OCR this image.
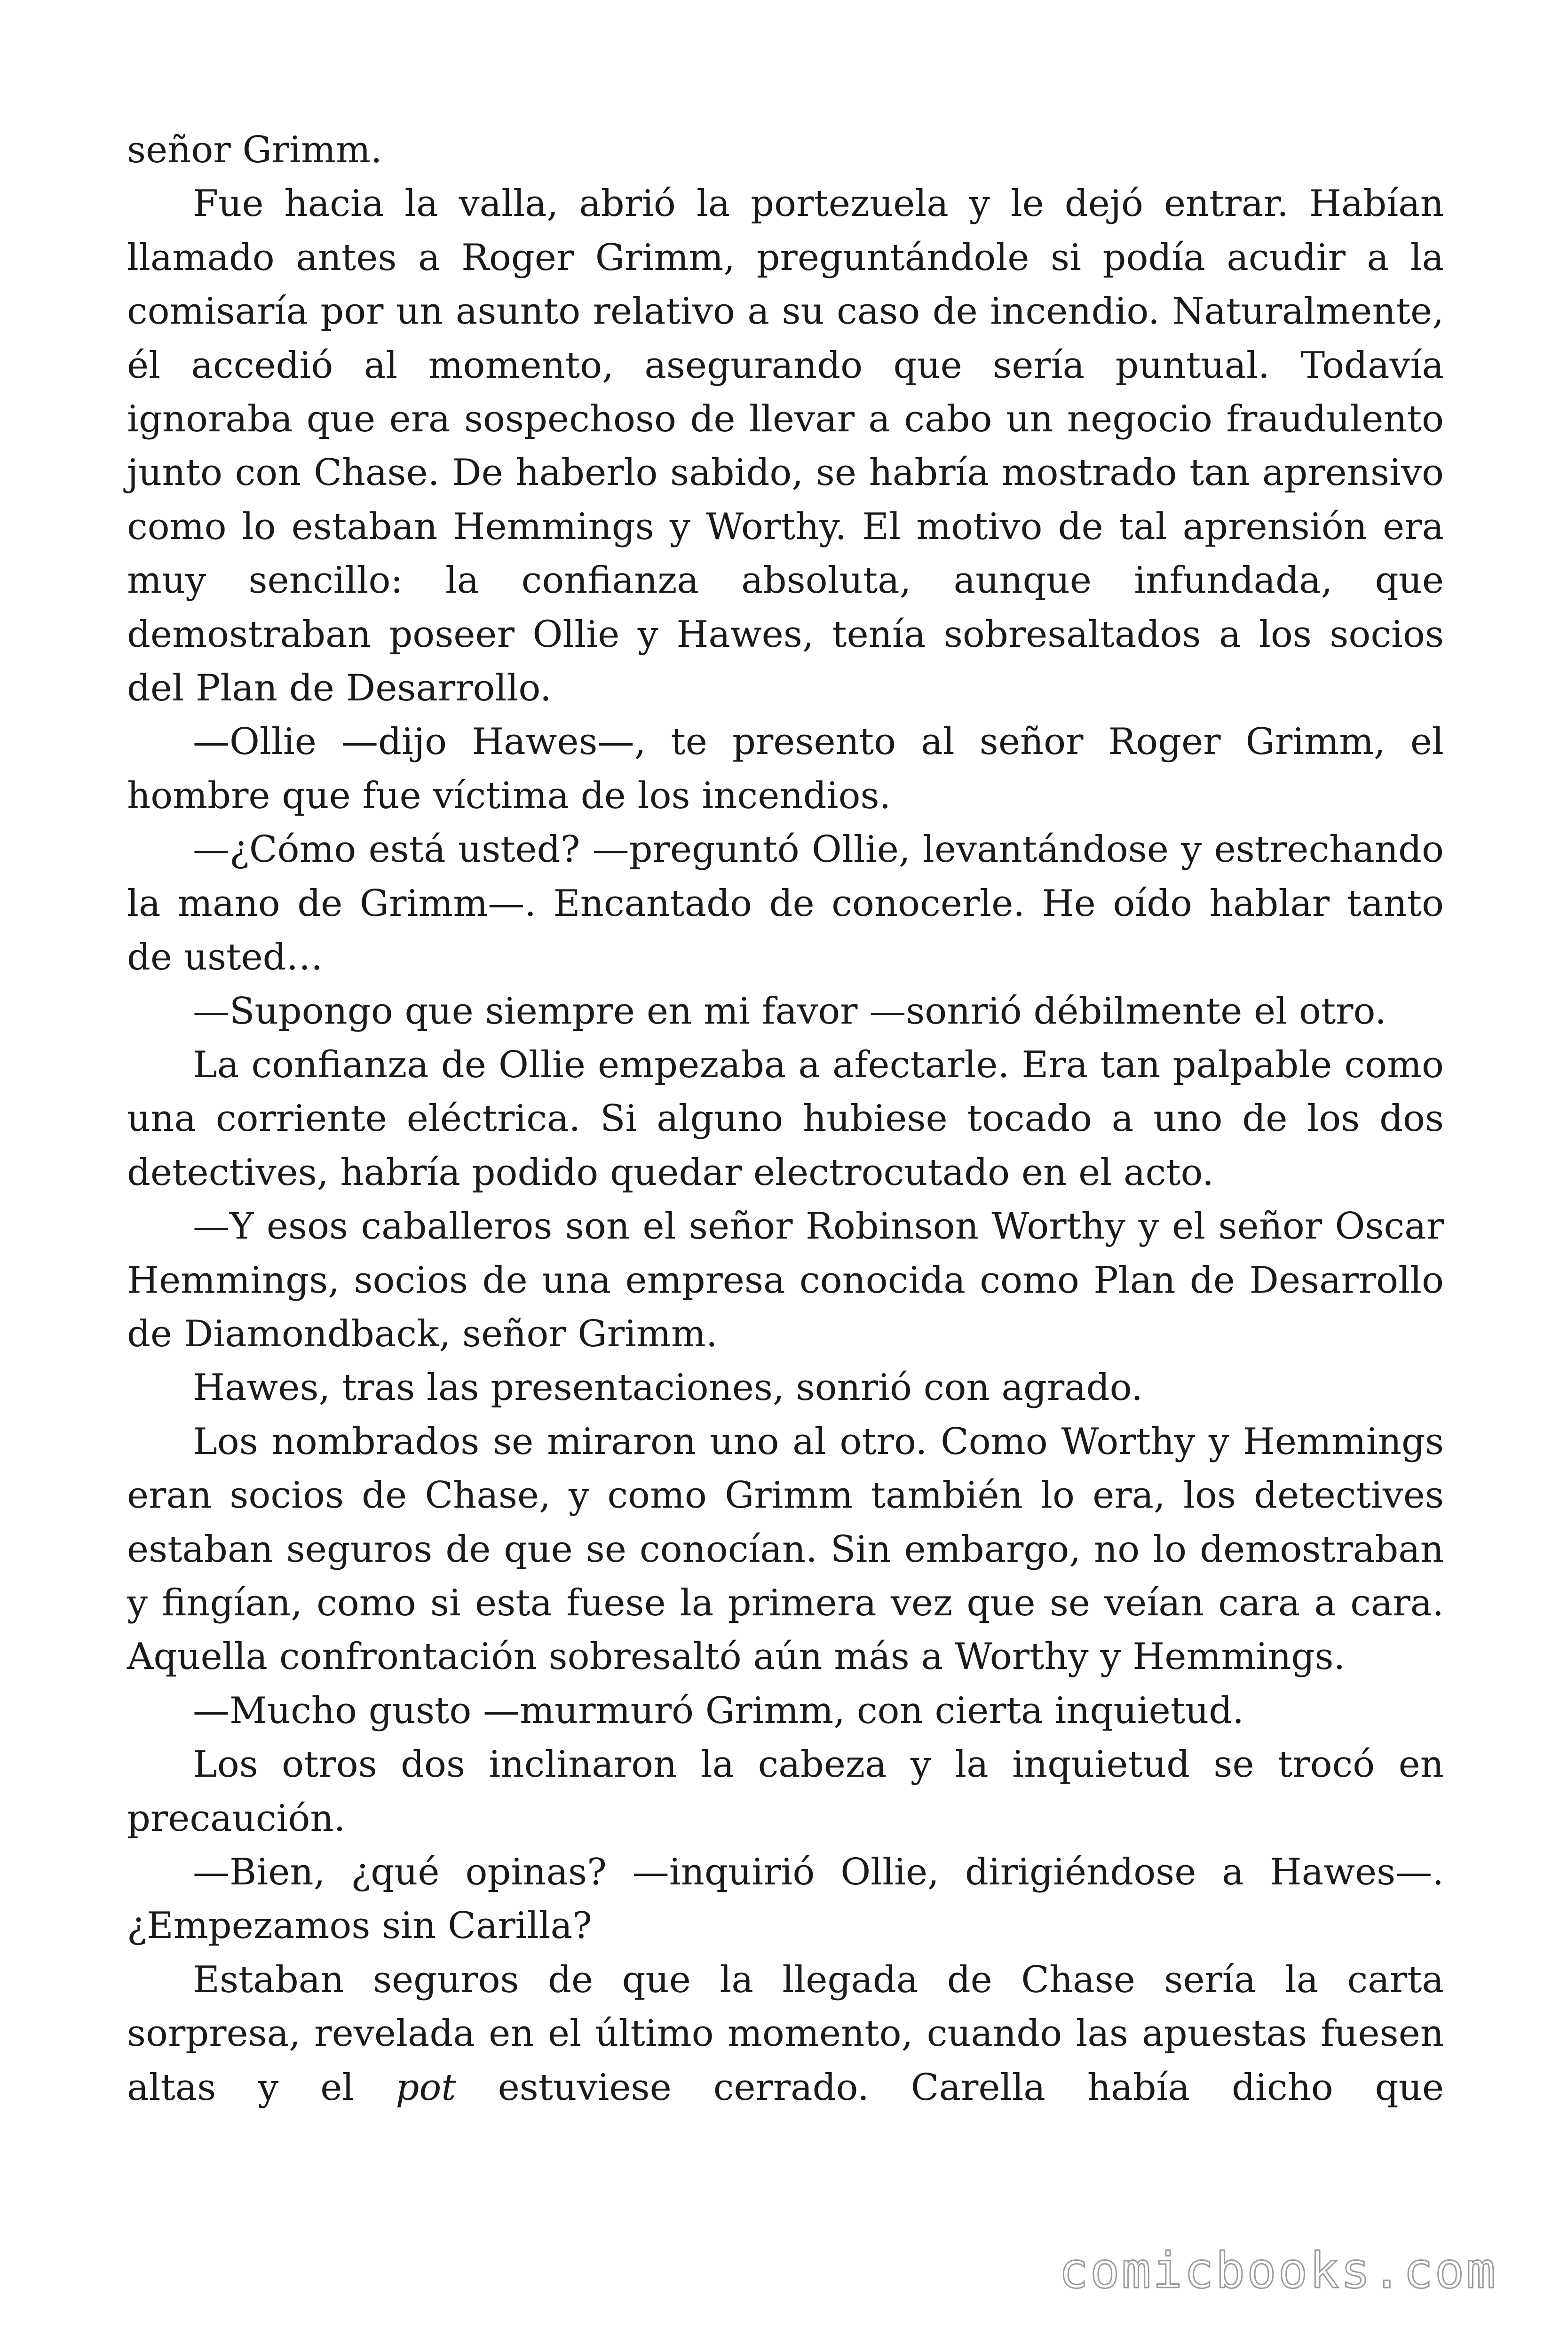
señor Grimm.

Fue hacia la valla, abrió la portezuela y le dejó entrar. Habían llamado antes a Roger Grimm, preguntándole si podía acudir a la comisaría por un asunto relativo a su caso de incendio. Naturalmente, él accedió al momento, asegurando que sería puntual. Todavía ignoraba que era sospechoso de llevar a cabo un negocio fraudulento junto con Chase. De haberlo sabido, se habría mostrado tan aprensivo como lo estaban Hemmings y Worthy. El motivo de tal aprensión era muy sencillo: la confianza absoluta, aunque infundada, que demostraban poseer Ollie y Hawes, tenía sobresaltados a los socios del Plan de Desarrollo.

—Ollie —dijo Hawes—, te presento al señor Roger Grimm, el hombre que fue víctima de los incendios.

—¿Cómo está usted? —preguntó Ollie, levantándose y estrechando la mano de Grimm—. Encantado de conocerle. He oído hablar tanto de usted…

—Supongo que siempre en mi favor —sonrió débilmente el otro.

La confianza de Ollie empezaba a afectarle. Era tan palpable como una corriente eléctrica. Si alguno hubiese tocado a uno de los dos detectives, habría podido quedar electrocutado en el acto.

—Y esos caballeros son el señor Robinson Worthy y el señor Oscar Hemmings, socios de una empresa conocida como Plan de Desarrollo de Diamondback, señor Grimm.

Hawes, tras las presentaciones, sonrió con agrado.

Los nombrados se miraron uno al otro. Como Worthy y Hemmings eran socios de Chase, y como Grimm también lo era, los detectives estaban seguros de que se conocían. Sin embargo, no lo demostraban y fingían, como si esta fuese la primera vez que se veían cara a cara. Aquella confrontación sobresaltó aún más a Worthy y Hemmings.

—Mucho gusto —murmuró Grimm, con cierta inquietud.

Los otros dos inclinaron la cabeza y la inquietud se trocó en precaución.

—Bien, ¿qué opinas? —inquirió Ollie, dirigiéndose a Hawes—. ¿Empezamos sin Carilla?

Estaban seguros de que la llegada de Chase sería la carta sorpresa, revelada en el último momento, cuando las apuestas fuesen altas y el pot estuviese cerrado. Carella había dicho que

comicbooks.com
